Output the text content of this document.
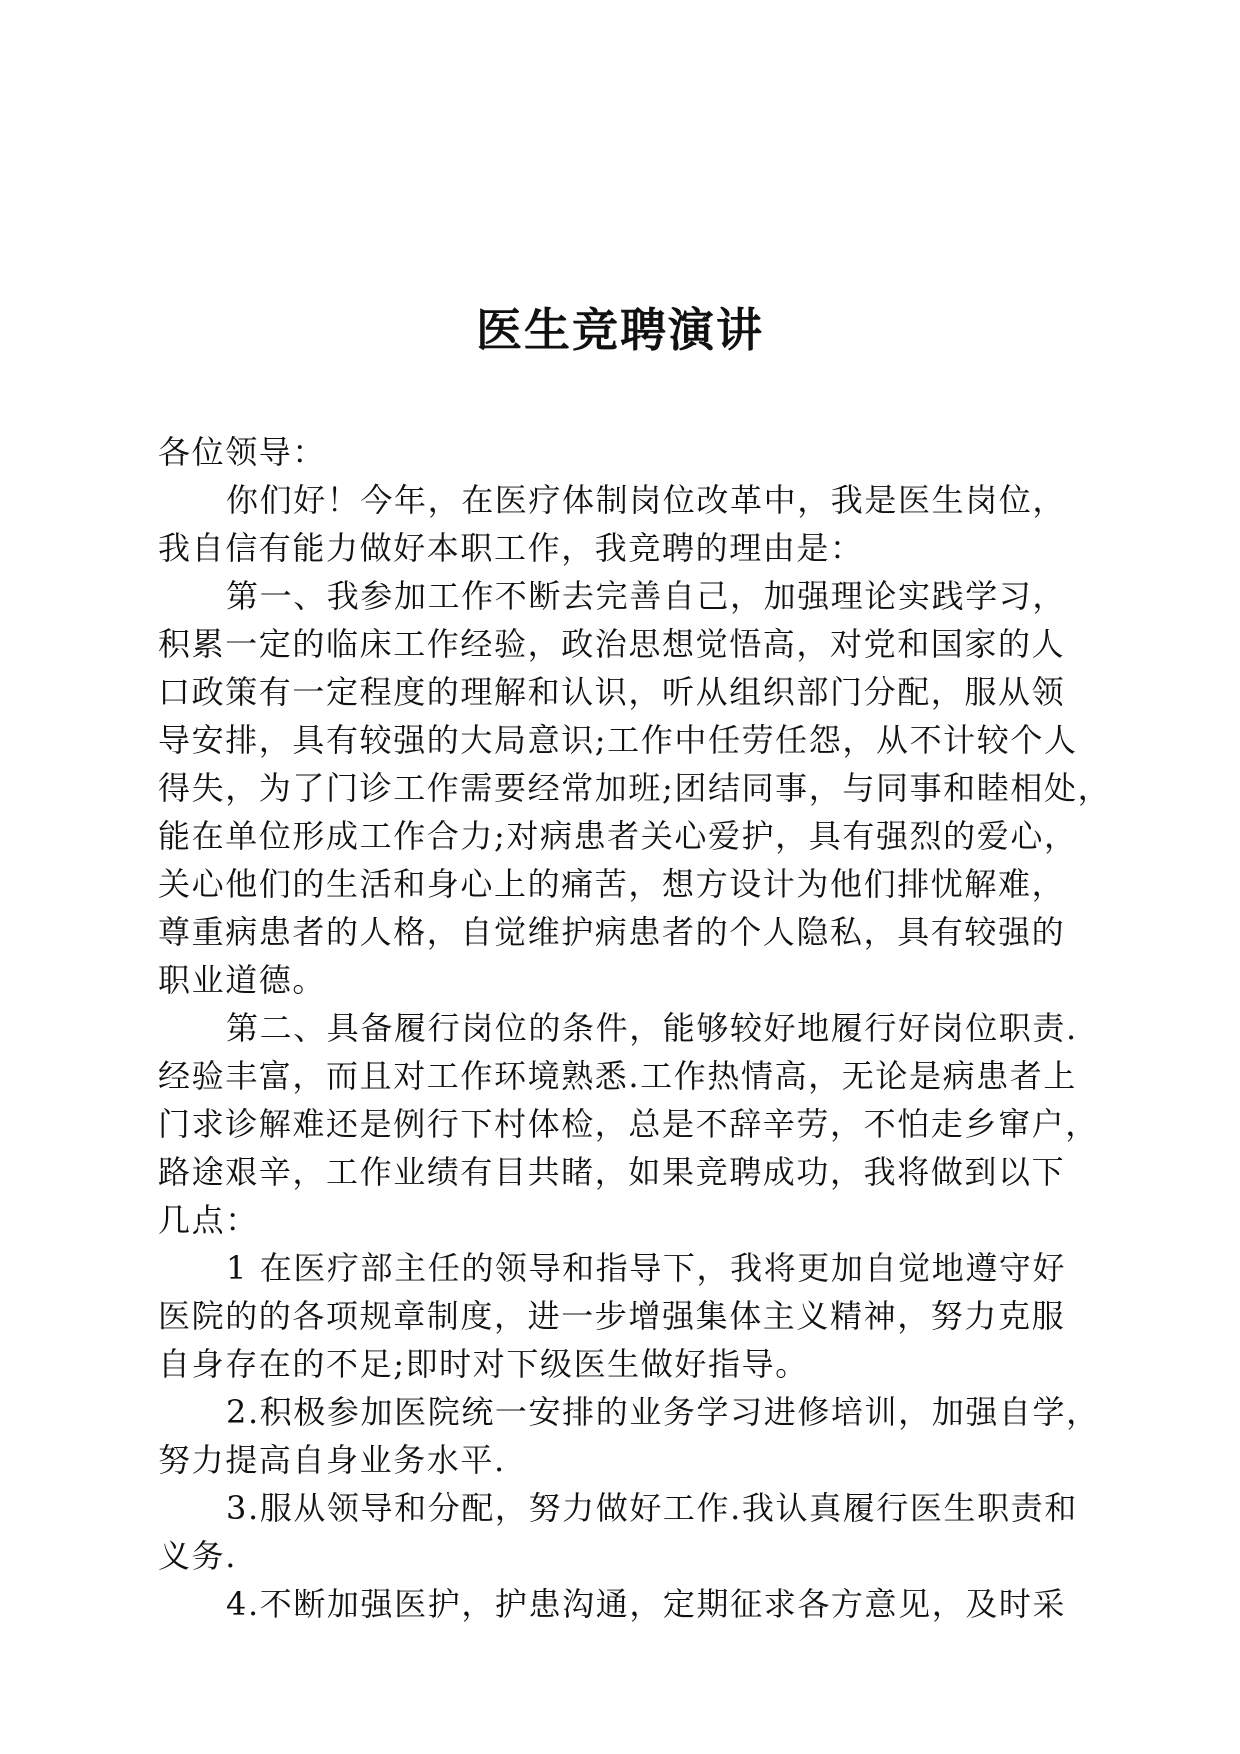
医生竞聘演讲
各位领导：
你们好！今年，在医疗体制岗位改革中，我是医生岗位，
我自信有能力做好本职工作，我竞聘的理由是：
第一、我参加工作不断去完善自己，加强理论实践学习，
积累一定的临床工作经验，政治思想觉悟高，对党和国家的人
口政策有一定程度的理解和认识，听从组织部门分配，服从领
导安排，具有较强的大局意识;工作中任劳任怨，从不计较个人
得失，为了门诊工作需要经常加班;团结同事，与同事和睦相处，
能在单位形成工作合力;对病患者关心爱护，具有强烈的爱心，
关心他们的生活和身心上的痛苦，想方设计为他们排忧解难，
尊重病患者的人格，自觉维护病患者的个人隐私，具有较强的
职业道德。
第二、具备履行岗位的条件，能够较好地履行好岗位职责.
经验丰富，而且对工作环境熟悉.工作热情高，无论是病患者上
门求诊解难还是例行下村体检，总是不辞辛劳，不怕走乡窜户，
路途艰辛，工作业绩有目共睹，如果竞聘成功，我将做到以下
几点：
1 在医疗部主任的领导和指导下，我将更加自觉地遵守好
医院的的各项规章制度，进一步增强集体主义精神，努力克服
自身存在的不足;即时对下级医生做好指导。
2.积极参加医院统一安排的业务学习进修培训，加强自学，
努力提高自身业务水平.
3.服从领导和分配，努力做好工作.我认真履行医生职责和
义务.
4.不断加强医护，护患沟通，定期征求各方意见，及时采
